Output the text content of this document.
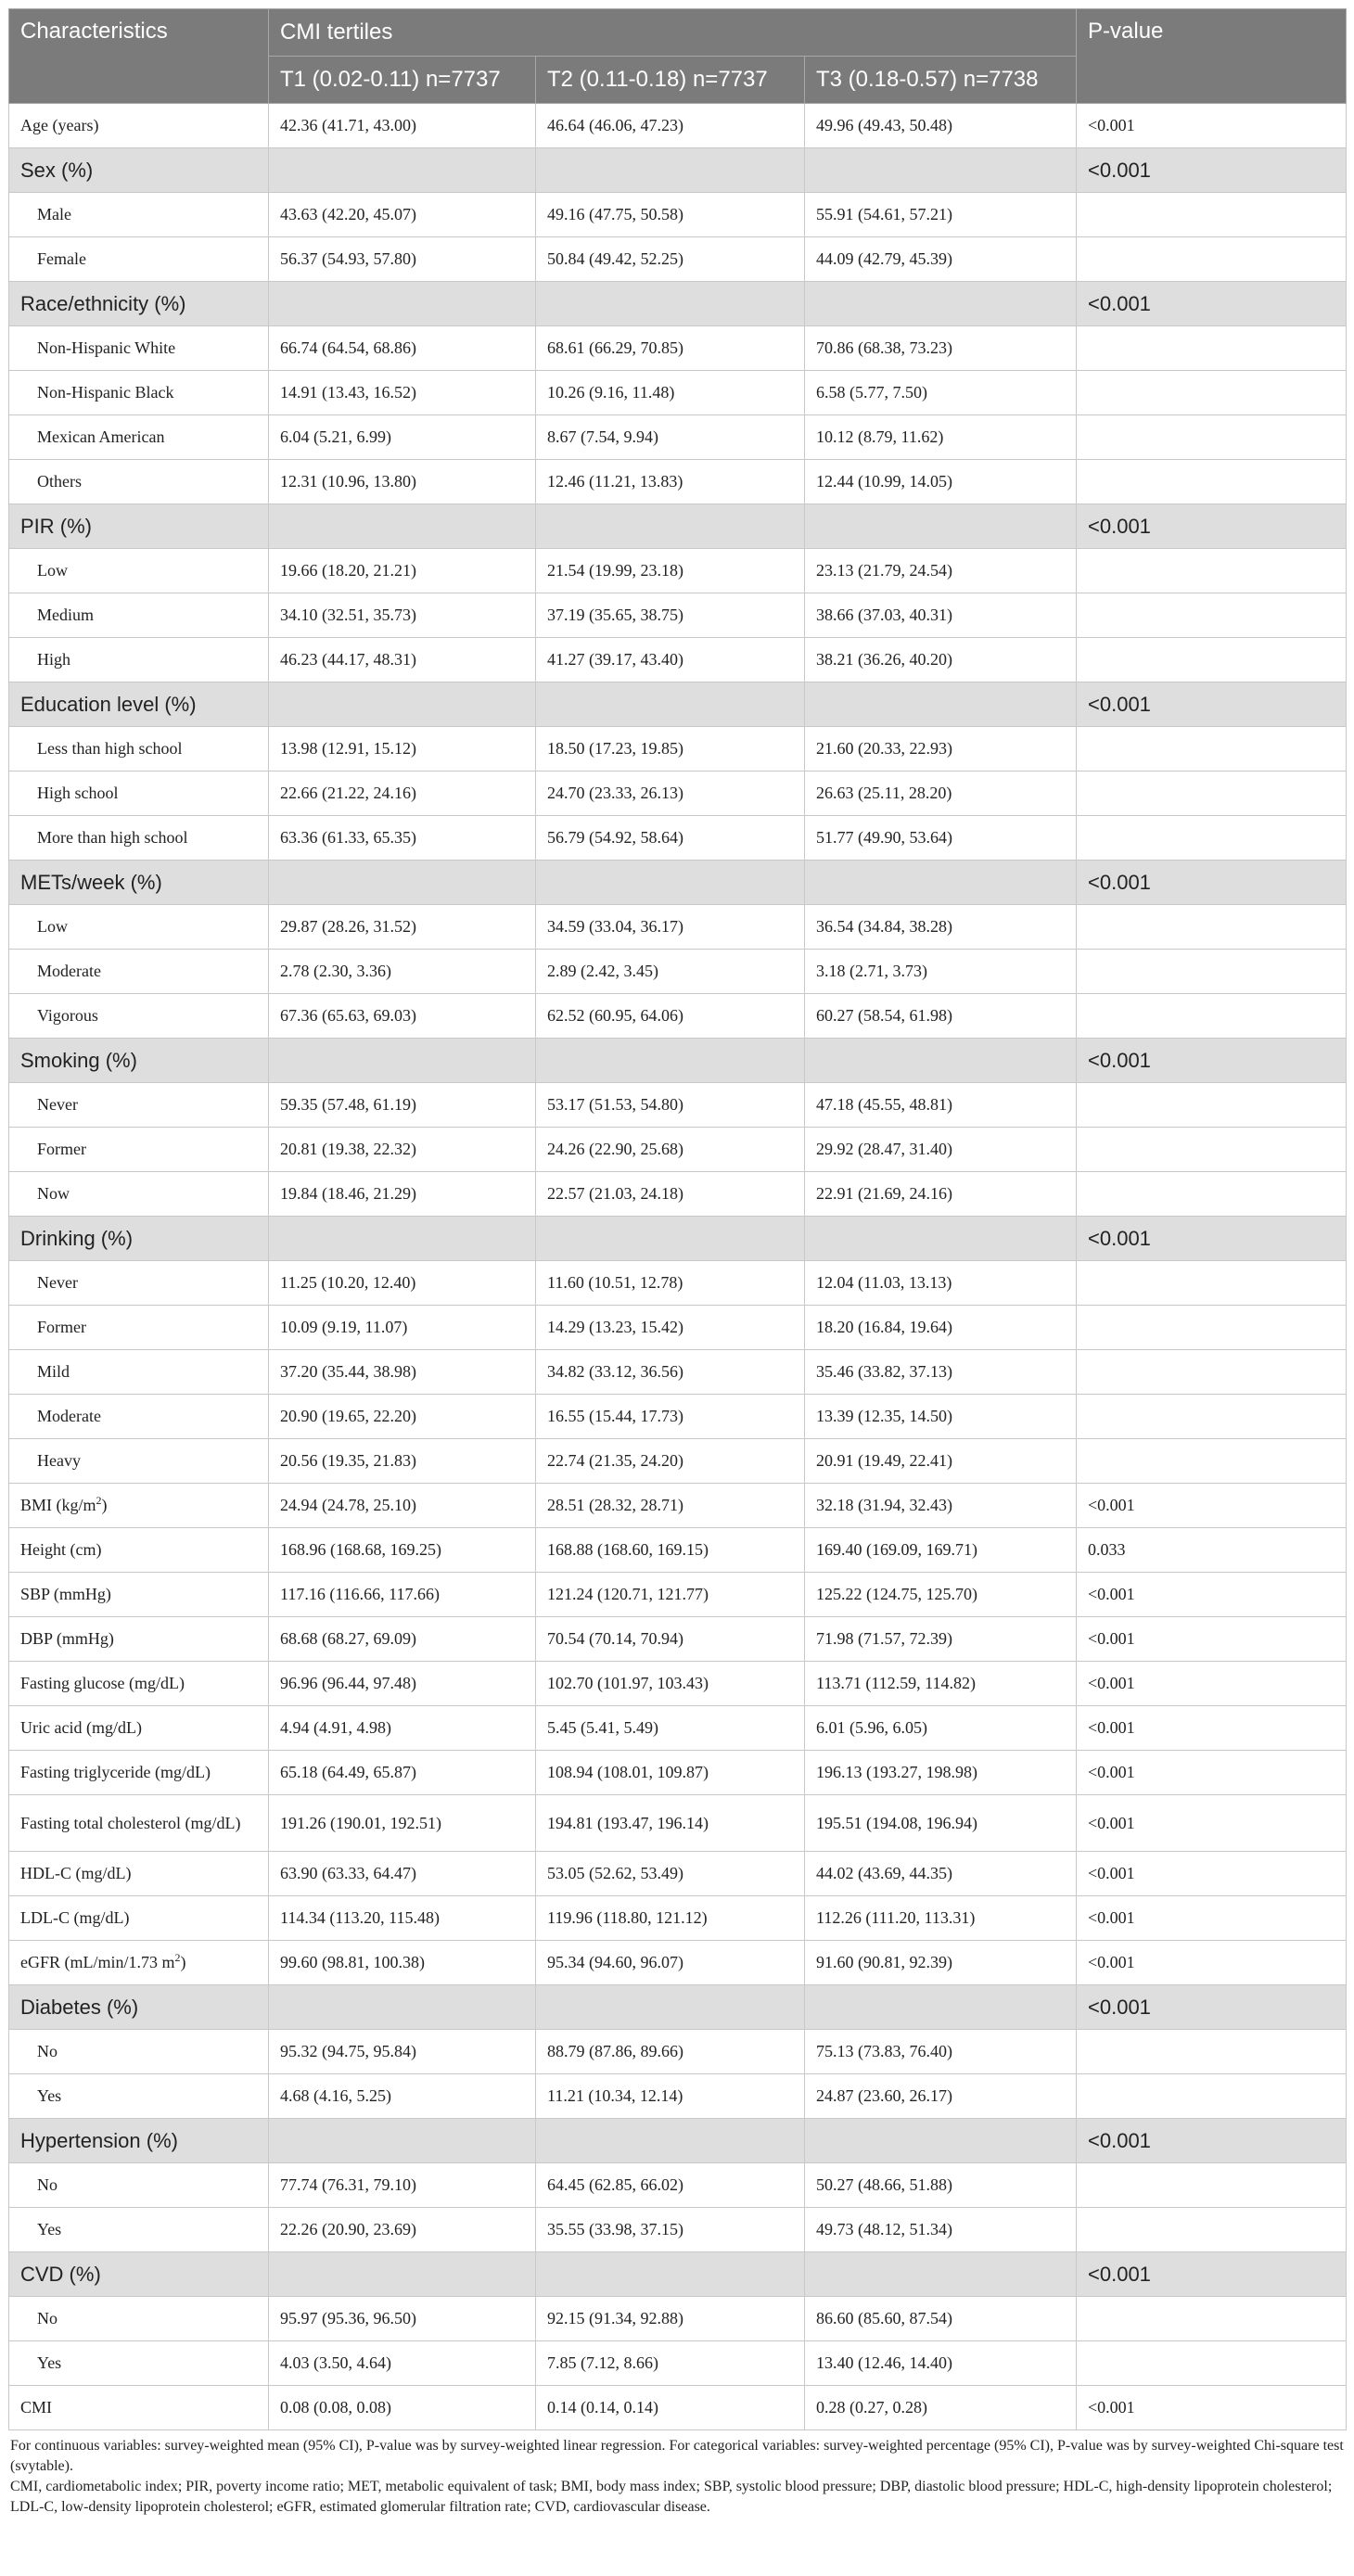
Characteristics	CMI tertiles			P-value
	T1 (0.02-0.11) n=7737	T2 (0.11-0.18) n=7737	T3 (0.18-0.57) n=7738	
Age (years)	42.36 (41.71, 43.00)	46.64 (46.06, 47.23)	49.96 (49.43, 50.48)	<0.001
Sex (%)				<0.001
Male	43.63 (42.20, 45.07)	49.16 (47.75, 50.58)	55.91 (54.61, 57.21)	
Female	56.37 (54.93, 57.80)	50.84 (49.42, 52.25)	44.09 (42.79, 45.39)	
Race/ethnicity (%)				<0.001
Non-Hispanic White	66.74 (64.54, 68.86)	68.61 (66.29, 70.85)	70.86 (68.38, 73.23)	
Non-Hispanic Black	14.91 (13.43, 16.52)	10.26 (9.16, 11.48)	6.58 (5.77, 7.50)	
Mexican American	6.04 (5.21, 6.99)	8.67 (7.54, 9.94)	10.12 (8.79, 11.62)	
Others	12.31 (10.96, 13.80)	12.46 (11.21, 13.83)	12.44 (10.99, 14.05)	
PIR (%)				<0.001
Low	19.66 (18.20, 21.21)	21.54 (19.99, 23.18)	23.13 (21.79, 24.54)	
Medium	34.10 (32.51, 35.73)	37.19 (35.65, 38.75)	38.66 (37.03, 40.31)	
High	46.23 (44.17, 48.31)	41.27 (39.17, 43.40)	38.21 (36.26, 40.20)	
Education level (%)				<0.001
Less than high school	13.98 (12.91, 15.12)	18.50 (17.23, 19.85)	21.60 (20.33, 22.93)	
High school	22.66 (21.22, 24.16)	24.70 (23.33, 26.13)	26.63 (25.11, 28.20)	
More than high school	63.36 (61.33, 65.35)	56.79 (54.92, 58.64)	51.77 (49.90, 53.64)	
METs/week (%)				<0.001
Low	29.87 (28.26, 31.52)	34.59 (33.04, 36.17)	36.54 (34.84, 38.28)	
Moderate	2.78 (2.30, 3.36)	2.89 (2.42, 3.45)	3.18 (2.71, 3.73)	
Vigorous	67.36 (65.63, 69.03)	62.52 (60.95, 64.06)	60.27 (58.54, 61.98)	
Smoking (%)				<0.001
Never	59.35 (57.48, 61.19)	53.17 (51.53, 54.80)	47.18 (45.55, 48.81)	
Former	20.81 (19.38, 22.32)	24.26 (22.90, 25.68)	29.92 (28.47, 31.40)	
Now	19.84 (18.46, 21.29)	22.57 (21.03, 24.18)	22.91 (21.69, 24.16)	
Drinking (%)				<0.001
Never	11.25 (10.20, 12.40)	11.60 (10.51, 12.78)	12.04 (11.03, 13.13)	
Former	10.09 (9.19, 11.07)	14.29 (13.23, 15.42)	18.20 (16.84, 19.64)	
Mild	37.20 (35.44, 38.98)	34.82 (33.12, 36.56)	35.46 (33.82, 37.13)	
Moderate	20.90 (19.65, 22.20)	16.55 (15.44, 17.73)	13.39 (12.35, 14.50)	
Heavy	20.56 (19.35, 21.83)	22.74 (21.35, 24.20)	20.91 (19.49, 22.41)	
BMI $(kg/m^2)$	24.94 (24.78, 25.10)	28.51 (28.32, 28.71)	32.18 (31.94, 32.43)	<0.001
Height (cm)	168.96 (168.68, 169.25)	168.88 (168.60, 169.15)	169.40 (169.09, 169.71)	0.033
SBP (mmHg)	117.16 (116.66, 117.66)	121.24 (120.71, 121.77)	125.22 (124.75, 125.70)	<0.001
DBP (mmHg)	68.68 (68.27, 69.09)	70.54 (70.14, 70.94)	71.98 (71.57, 72.39)	<0.001
Fasting glucose (mg/dL)	96.96 (96.44, 97.48)	102.70 (101.97, 103.43)	113.71 (112.59, 114.82)	<0.001
Uric acid (mg/dL)	4.94 (4.91, 4.98)	5.45 (5.41, 5.49)	6.01 (5.96, 6.05)	<0.001
Fasting triglyceride (mg/dL)	65.18 (64.49, 65.87)	108.94 (108.01, 109.87)	196.13 (193.27, 198.98)	<0.001
Fasting total cholesterol (mg/dL)	191.26 (190.01, 192.51)	194.81 (193.47, 196.14)	195.51 (194.08, 196.94)	<0.001
HDL-C (mg/dL)	63.90 (63.33, 64.47)	53.05 (52.62, 53.49)	44.02 (43.69, 44.35)	<0.001
LDL-C (mg/dL)	114.34 (113.20, 115.48)	119.96 (118.80, 121.12)	112.26 (111.20, 113.31)	<0.001
eGFR (mL/min/1.73 $m^2$)	99.60 (98.81, 100.38)	95.34 (94.60, 96.07)	91.60 (90.81, 92.39)	<0.001
Diabetes (%)				<0.001
No	95.32 (94.75, 95.84)	88.79 (87.86, 89.66)	75.13 (73.83, 76.40)	
Yes	4.68 (4.16, 5.25)	11.21 (10.34, 12.14)	24.87 (23.60, 26.17)	
Hypertension (%)				<0.001
No	77.74 (76.31, 79.10)	64.45 (62.85, 66.02)	50.27 (48.66, 51.88)	
Yes	22.26 (20.90, 23.69)	35.55 (33.98, 37.15)	49.73 (48.12, 51.34)	
CVD (%)				<0.001
No	95.97 (95.36, 96.50)	92.15 (91.34, 92.88)	86.60 (85.60, 87.54)	
Yes	4.03 (3.50, 4.64)	7.85 (7.12, 8.66)	13.40 (12.46, 14.40)	
CMI	0.08 (0.08, 0.08)	0.14 (0.14, 0.14)	0.28 (0.27, 0.28)	<0.001
For continuous variables: survey-weighted mean (95% CI), P-value was by survey-weighted linear regression. For categorical variables: survey-weighted percentage (95% CI), P-value was by survey-weighted Chi-square test (svytable).
CMI, cardiometabolic index; PIR, poverty income ratio; MET, metabolic equivalent of task; BMI, body mass index; SBP, systolic blood pressure; DBP, diastolic blood pressure; HDL-C, high-density lipoprotein cholesterol; LDL-C, low-density lipoprotein cholesterol; eGFR, estimated glomerular filtration rate; CVD, cardiovascular disease.
